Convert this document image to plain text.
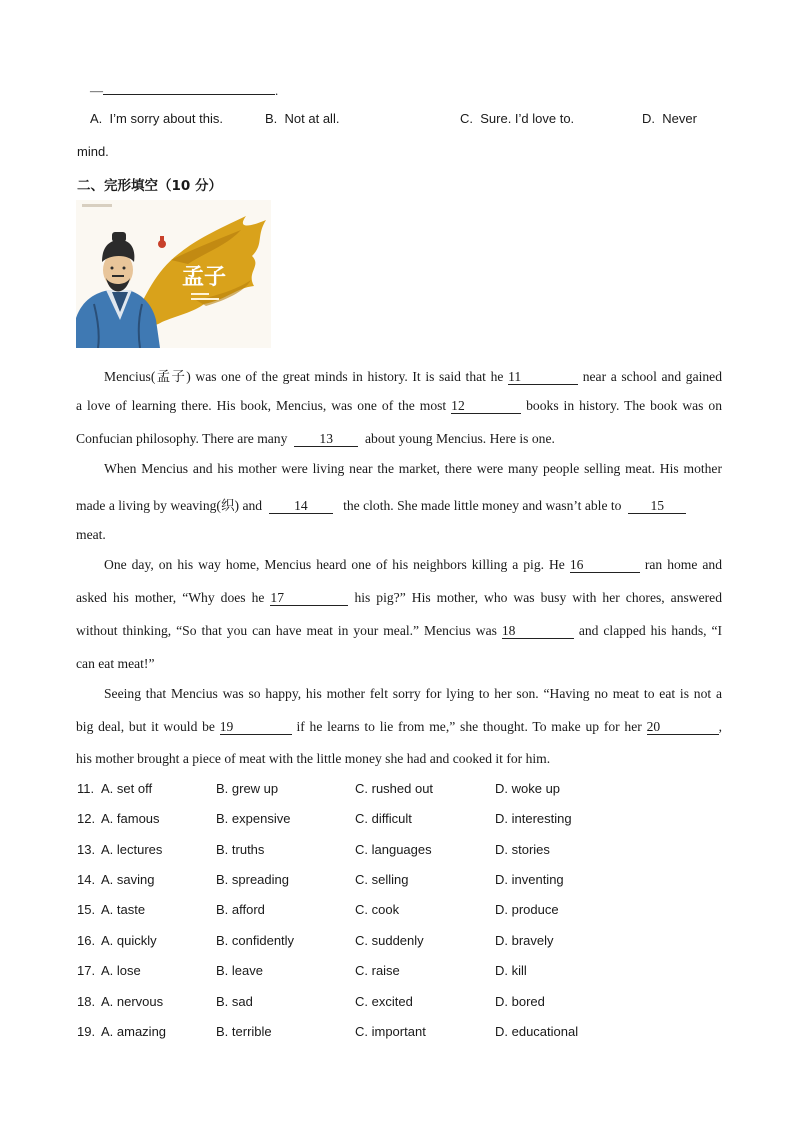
—	.
A. I’m sorry about this.	B. Not at all.	C. Sure. I’d love to.	D. Never
mind.
二、完形填空（10 分）
孟子
Mencius(孟子) was one of the great minds in history. It is said that he 11	near a school and gained
a love of learning there. His book, Mencius, was one of the most 12	books in history. The book was on
Confucian philosophy. There are many 13 about young Mencius. Here is one.
When Mencius and his mother were living near the market, there were many people selling meat. His mother
made a living by weaving(织) and 14	the cloth. She made little money and wasn’t able to 15
meat.
One day, on his way home, Mencius heard one of his neighbors killing a pig. He 16	ran home and
asked his mother, “Why does he 17	his pig?” His mother, who was busy with her chores, answered
without thinking, “So that you can have meat in your meal.” Mencius was 18	and clapped his hands, “I
can eat meat!”
Seeing that Mencius was so happy, his mother felt sorry for lying to her son. “Having no meat to eat is not a
big deal, but it would be 19	if he learns to lie from me,” she thought. To make up for her 20	,
his mother brought a piece of meat with the little money she had and cooked it for him.
11. A. set off	B. grew up	C. rushed out	D. woke up
12. A. famous	B. expensive	C. difficult	D. interesting
13. A. lectures	B. truths	C. languages	D. stories
14. A. saving	B. spreading	C. selling	D. inventing
15. A. taste	B. afford	C. cook	D. produce
16. A. quickly	B. confidently	C. suddenly	D. bravely
17. A. lose	B. leave	C. raise	D. kill
18. A. nervous	B. sad	C. excited	D. bored
19. A. amazing	B. terrible	C. important	D. educational
